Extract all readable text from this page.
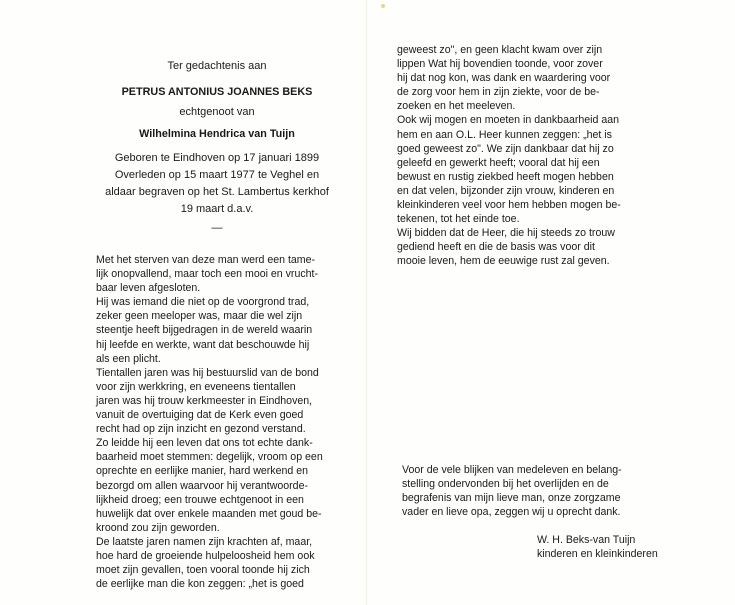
Ter gedachtenis aan

PETRUS ANTONIUS JOANNES BEKS

echtgenoot van

Wilhelmina Hendrica van Tuijn

Geboren te Eindhoven op 17 januari 1899

Overleden op 15 maart 1977 te Veghel en

aldaar begraven op het St. Lambertus kerkhof

19 maart d.a.v.

—

Met het sterven van deze man werd een tame-
lijk onopvallend, maar toch een mooi en vrucht-
baar leven afgesloten.
Hij was iemand die niet op de voorgrond trad,
zeker geen meeloper was, maar die wel zijn
steentje heeft bijgedragen in de wereld waarin
hij leefde en werkte, want dat beschouwde hij
als een plicht.
Tientallen jaren was hij bestuurslid van de bond
voor zijn werkkring, en eveneens tientallen
jaren was hij trouw kerkmeester in Eindhoven,
vanuit de overtuiging dat de Kerk even goed
recht had op zijn inzicht en gezond verstand.
Zo leidde hij een leven dat ons tot echte dank-
baarheid moet stemmen: degelijk, vroom op een
oprechte en eerlijke manier, hard werkend en
bezorgd om allen waarvoor hij verantwoorde-
lijkheid droeg; een trouwe echtgenoot in een
huwelijk dat over enkele maanden met goud be-
kroond zou zijn geworden.
De laatste jaren namen zijn krachten af, maar,
hoe hard de groeiende hulpeloosheid hem ook
moet zijn gevallen, toen vooral toonde hij zich
de eerlijke man die kon zeggen: „het is goed
geweest zo", en geen klacht kwam over zijn
lippen Wat hij bovendien toonde, voor zover
hij dat nog kon, was dank en waardering voor
de zorg voor hem in zijn ziekte, voor de be-
zoeken en het meeleven.
Ook wij mogen en moeten in dankbaarheid aan
hem en aan O.L. Heer kunnen zeggen: „het is
goed geweest zo". We zijn dankbaar dat hij zo
geleefd en gewerkt heeft; vooral dat hij een
bewust en rustig ziekbed heeft mogen hebben
en dat velen, bijzonder zijn vrouw, kinderen en
kleinkinderen veel voor hem hebben mogen be-
tekenen, tot het einde toe.
Wij bidden dat de Heer, die hij steeds zo trouw
gediend heeft en die de basis was voor dit
mooie leven, hem de eeuwige rust zal geven.
Voor de vele blijken van medeleven en belang-
stelling ondervonden bij het overlijden en de
begrafenis van mijn lieve man, onze zorgzame
vader en lieve opa, zeggen wij u oprecht dank.
W. H. Beks-van Tuijn
kinderen en kleinkinderen
